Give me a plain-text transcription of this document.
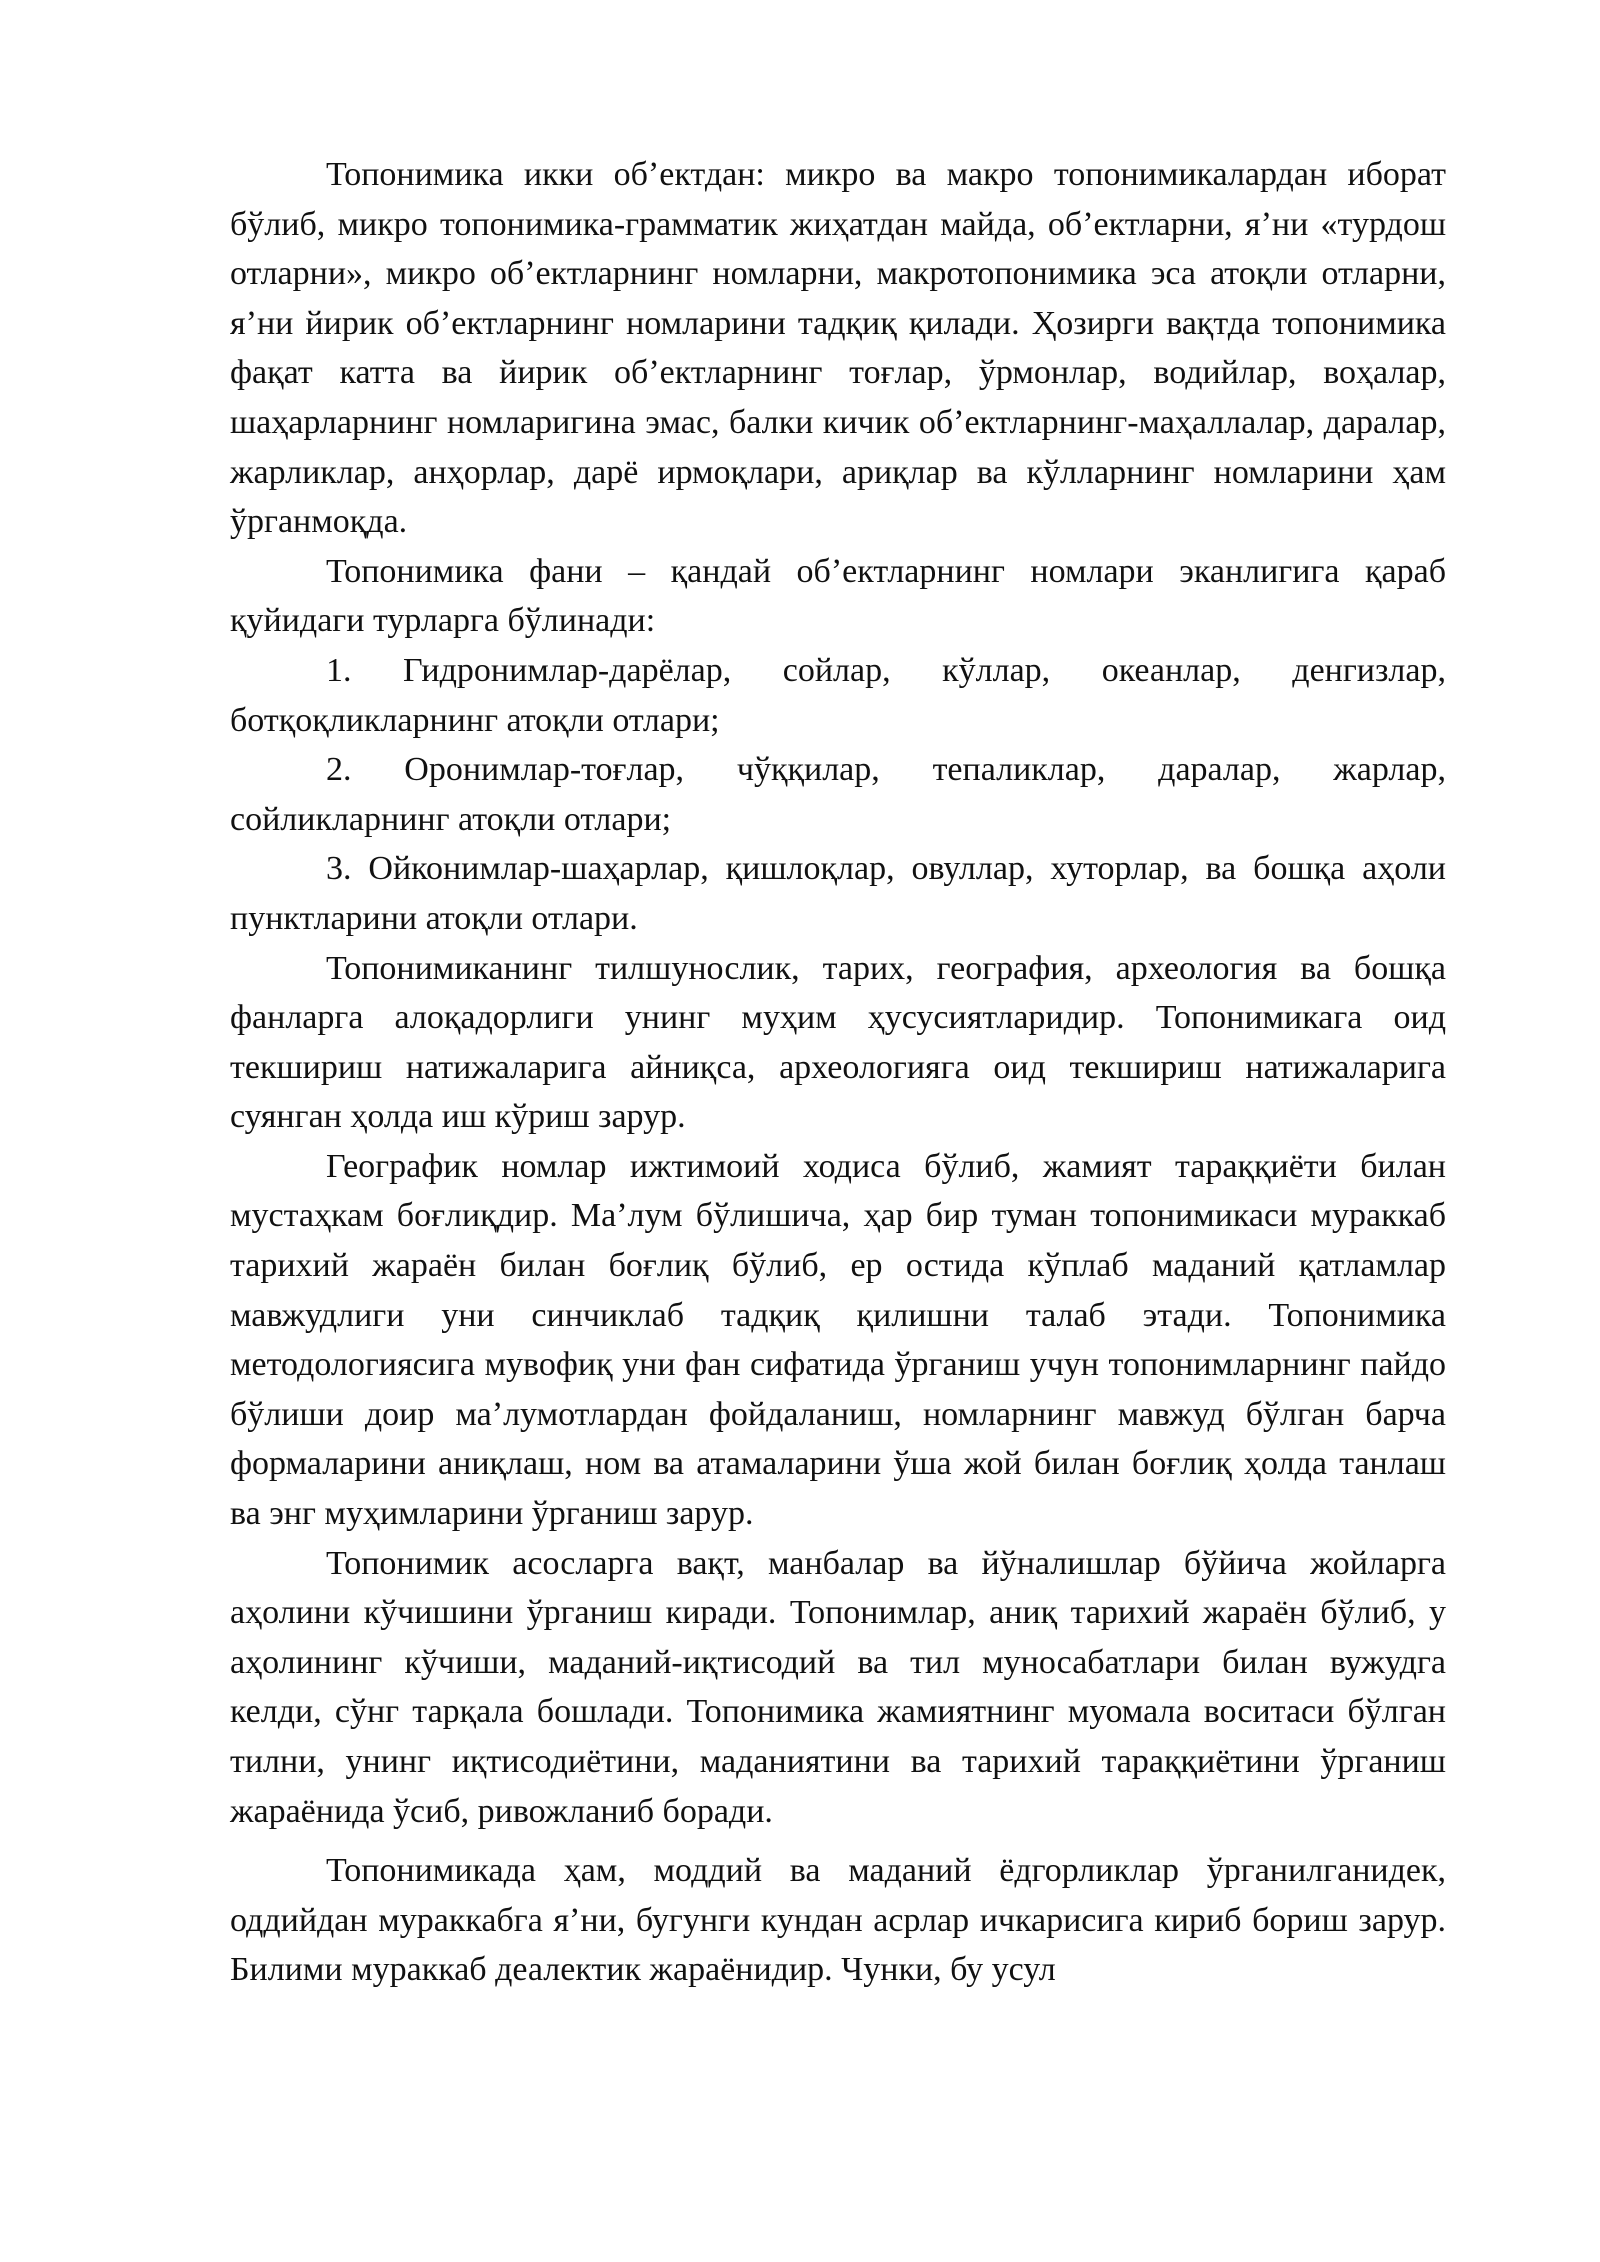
Топонимика икки обʼектдан: микро ва макро топонимикалардан иборат бўлиб, микро топонимика-грамматик жиҳатдан майда, обʼектларни, яʼни «турдош отларни», микро обʼектларнинг номларни, макротопонимика эса атоқли отларни, яʼни йирик обʼектларнинг номларини тадқиқ қилади. Ҳозирги вақтда топонимика фақат катта ва йирик обʼектларнинг тоғлар, ўрмонлар, водийлар, воҳалар, шаҳарларнинг номларигина эмас, балки кичик обʼектларнинг-маҳаллалар, даралар, жарликлар, анҳорлар, дарё ирмоқлари, ариқлар ва кўлларнинг номларини ҳам ўрганмоқда.

Топонимика фани – қандай обʼектларнинг номлари эканлигига қараб қуйидаги турларга бўлинади:

1. Гидронимлар-дарёлар, сойлар, кўллар, океанлар, денгизлар, ботқоқликларнинг атоқли отлари;

2. Оронимлар-тоғлар, чўққилар, тепаликлар, даралар, жарлар, сойликларнинг атоқли отлари;

3. Ойконимлар-шаҳарлар, қишлоқлар, овуллар, хуторлар, ва бошқа аҳоли пунктларини атоқли отлари.

Топонимиканинг тилшунослик, тарих, география, археология ва бошқа фанларга алоқадорлиги унинг муҳим ҳусусиятларидир. Топонимикага оид текшириш натижаларига айниқса, археологияга оид текшириш натижаларига суянган ҳолда иш кўриш зарур.

Географик номлар ижтимоий ходиса бўлиб, жамият тараққиёти билан мустаҳкам боғлиқдир. Маʼлум бўлишича, ҳар бир туман топонимикаси мураккаб тарихий жараён билан боғлиқ бўлиб, ер остида кўплаб маданий қатламлар мавжудлиги уни синчиклаб тадқиқ қилишни талаб этади. Топонимика методологиясига мувофиқ уни фан сифатида ўрганиш учун топонимларнинг пайдо бўлиши доир маʼлумотлардан фойдаланиш, номларнинг мавжуд бўлган барча формаларини аниқлаш, ном ва атамаларини ўша жой билан боғлиқ ҳолда танлаш ва энг муҳимларини ўрганиш зарур.

Топонимик асосларга вақт, манбалар ва йўналишлар бўйича жойларга аҳолини кўчишини ўрганиш киради. Топонимлар, аниқ тарихий жараён бўлиб, у аҳолининг кўчиши, маданий-иқтисодий ва тил муносабатлари билан вужудга келди, сўнг тарқала бошлади. Топонимика жамиятнинг муомала воситаси бўлган тилни, унинг иқтисодиётини, маданиятини ва тарихий тараққиётини ўрганиш жараёнида ўсиб, ривожланиб боради.

Топонимикада ҳам, моддий ва маданий ёдгорликлар ўрганилганидек, оддийдан мураккабга яʼни, бугунги кундан асрлар ичкарисига кириб бориш зарур. Билими мураккаб деалектик жараёнидир. Чунки, бу усул
